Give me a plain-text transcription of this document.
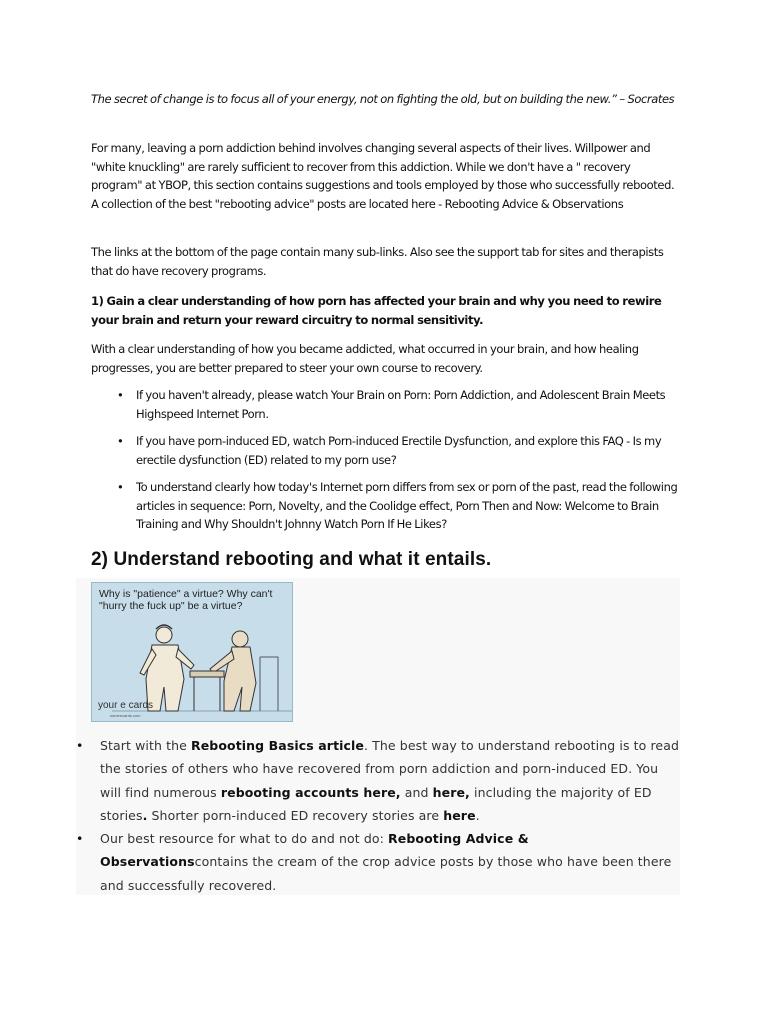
The secret of change is to focus all of your energy, not on fighting the old, but on building the new.” – Socrates
For many, leaving a porn addiction behind involves changing several aspects of their lives. Willpower and "white knuckling" are rarely sufficient to recover from this addiction. While we don't have a " recovery program" at YBOP, this section contains suggestions and tools employed by those who successfully rebooted. A collection of the best "rebooting advice" posts are located here - Rebooting Advice & Observations
The links at the bottom of the page contain many sub-links. Also see the support tab for sites and therapists that do have recovery programs.
1) Gain a clear understanding of how porn has affected your brain and why you need to rewire your brain and return your reward circuitry to normal sensitivity.
With a clear understanding of how you became addicted, what occurred in your brain, and how healing progresses, you are better prepared to steer your own course to recovery.
• If you haven't already, please watch Your Brain on Porn: Porn Addiction, and Adolescent Brain Meets Highspeed Internet Porn.
• If you have porn-induced ED, watch Porn-induced Erectile Dysfunction, and explore this FAQ - Is my erectile dysfunction (ED) related to my porn use?
• To understand clearly how today's Internet porn differs from sex or porn of the past, read the following articles in sequence: Porn, Novelty, and the Coolidge effect, Porn Then and Now: Welcome to Brain Training and Why Shouldn't Johnny Watch Porn If He Likes?
2) Understand rebooting and what it entails.
Why is "patience" a virtue? Why can't "hurry the fuck up" be a virtue?
your e cards
someecards.com
• Start with the Rebooting Basics article. The best way to understand rebooting is to read the stories of others who have recovered from porn addiction and porn-induced ED. You will find numerous rebooting accounts here, and here, including the majority of ED stories. Shorter porn-induced ED recovery stories are here.
• Our best resource for what to do and not do: Rebooting Advice & Observationscontains the cream of the crop advice posts by those who have been there and successfully recovered.
